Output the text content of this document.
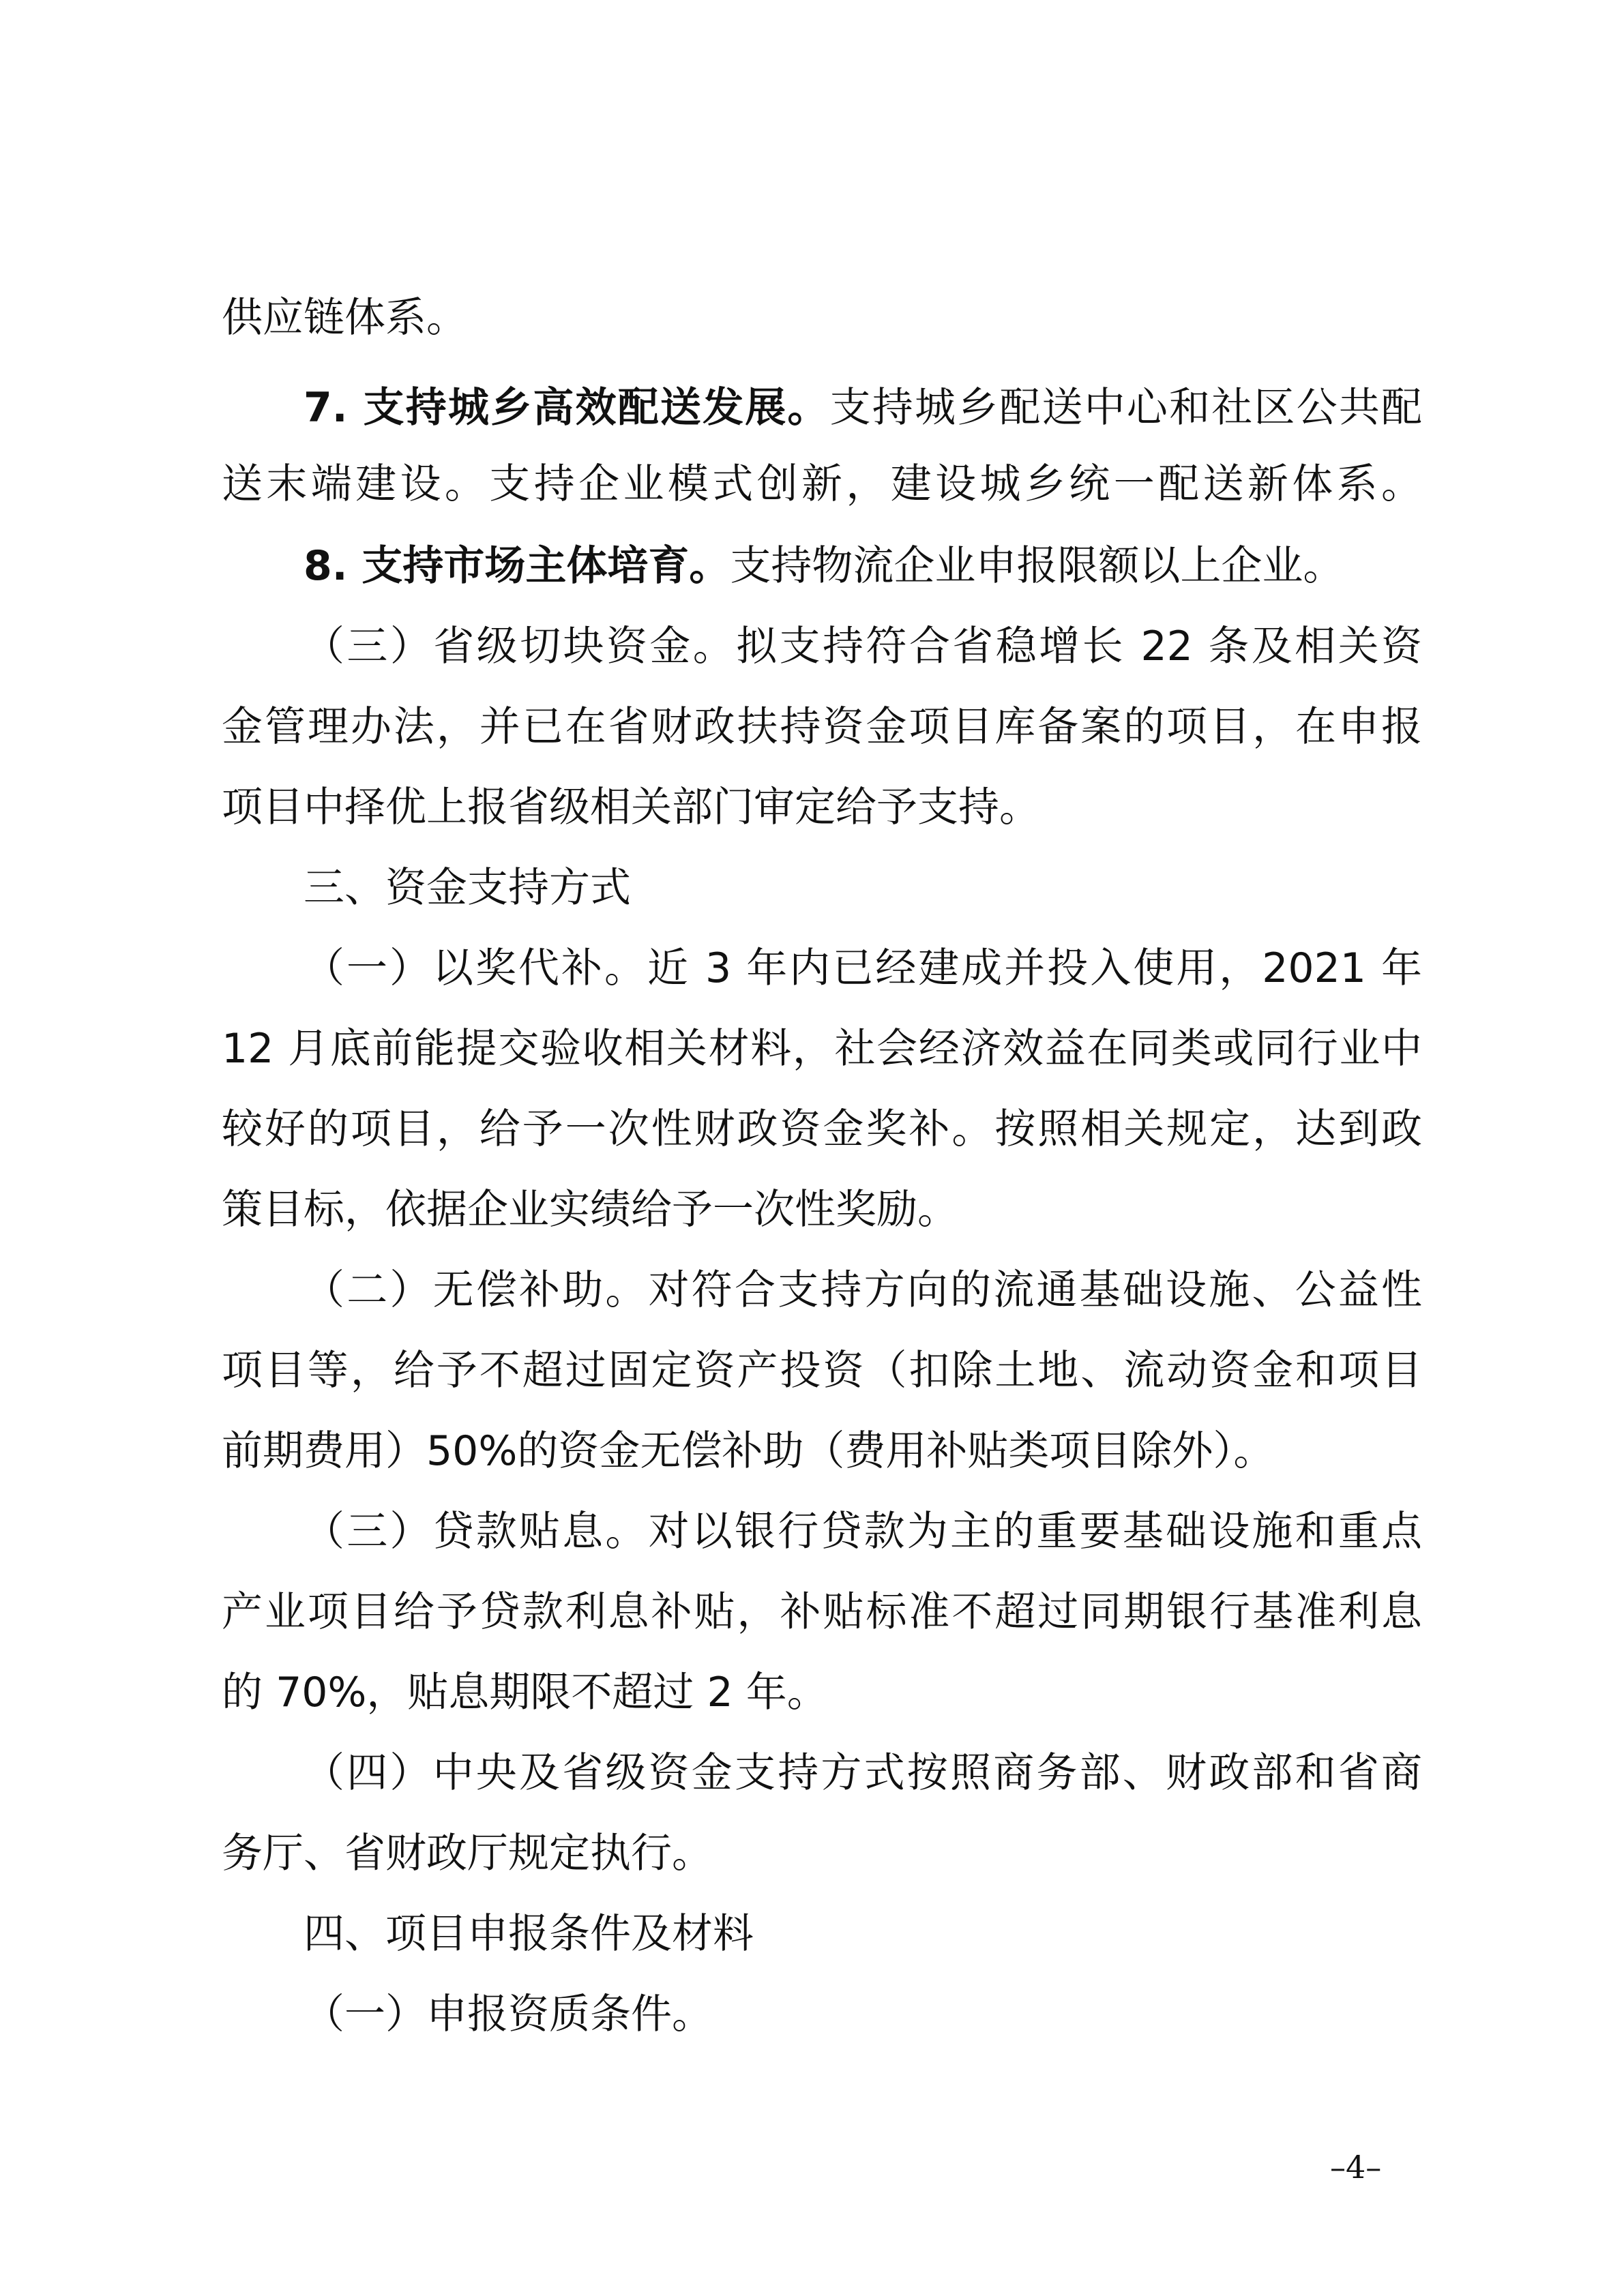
供应链体系。
7. 支持城乡高效配送发展。支持城乡配送中心和社区公共配
送末端建设。支持企业模式创新，建设城乡统一配送新体系。
8. 支持市场主体培育。支持物流企业申报限额以上企业。
（三）省级切块资金。拟支持符合省稳增长 22 条及相关资
金管理办法，并已在省财政扶持资金项目库备案的项目，在申报
项目中择优上报省级相关部门审定给予支持。
三、资金支持方式
（一）以奖代补。近 3 年内已经建成并投入使用，2021 年
12 月底前能提交验收相关材料，社会经济效益在同类或同行业中
较好的项目，给予一次性财政资金奖补。按照相关规定，达到政
策目标，依据企业实绩给予一次性奖励。
（二）无偿补助。对符合支持方向的流通基础设施、公益性
项目等，给予不超过固定资产投资（扣除土地、流动资金和项目
前期费用）50%的资金无偿补助（费用补贴类项目除外）。
（三）贷款贴息。对以银行贷款为主的重要基础设施和重点
产业项目给予贷款利息补贴，补贴标准不超过同期银行基准利息
的 70%，贴息期限不超过 2 年。
（四）中央及省级资金支持方式按照商务部、财政部和省商
务厅、省财政厅规定执行。
四、项目申报条件及材料
（一）申报资质条件。
–4–
